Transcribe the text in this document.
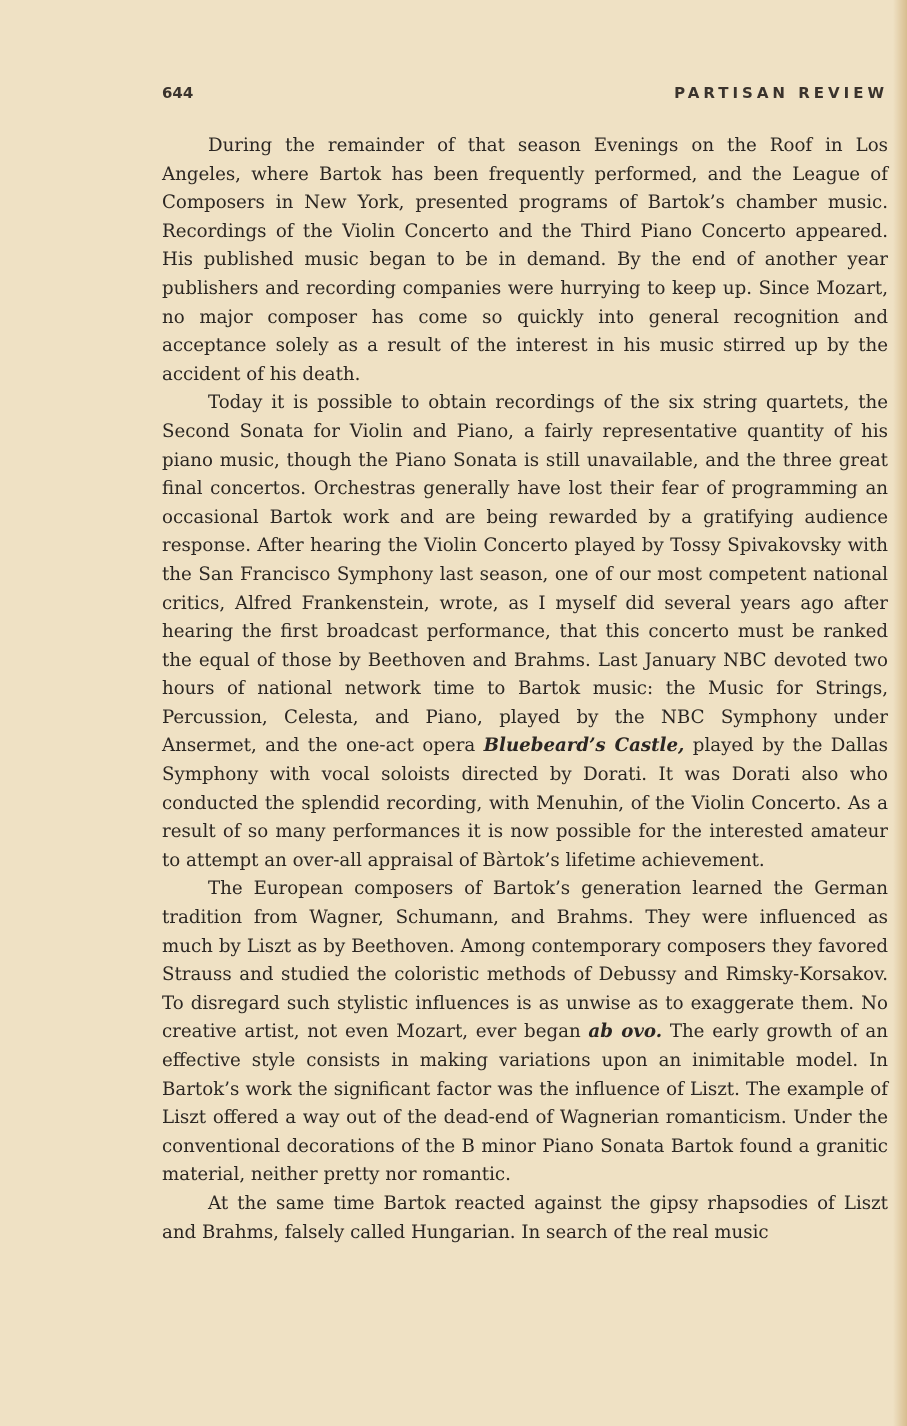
644	PARTISAN REVIEW

During the remainder of that season Evenings on the Roof in Los Angeles, where Bartok has been frequently performed, and the League of Composers in New York, presented programs of Bartok’s chamber music. Recordings of the Violin Concerto and the Third Piano Concerto appeared. His published music began to be in demand. By the end of another year publishers and recording companies were hurrying to keep up. Since Mozart, no major composer has come so quickly into general recognition and acceptance solely as a result of the interest in his music stirred up by the accident of his death.

Today it is possible to obtain recordings of the six string quartets, the Second Sonata for Violin and Piano, a fairly representative quantity of his piano music, though the Piano Sonata is still unavailable, and the three great final concertos. Orchestras generally have lost their fear of programming an occasional Bartok work and are being rewarded by a gratifying audience response. After hearing the Violin Concerto played by Tossy Spivakovsky with the San Francisco Symphony last season, one of our most competent national critics, Alfred Frankenstein, wrote, as I myself did several years ago after hearing the first broadcast performance, that this concerto must be ranked the equal of those by Beethoven and Brahms. Last January NBC devoted two hours of national network time to Bartok music: the Music for Strings, Percussion, Celesta, and Piano, played by the NBC Symphony under Ansermet, and the one-act opera Bluebeard’s Castle, played by the Dallas Symphony with vocal soloists directed by Dorati. It was Dorati also who conducted the splendid recording, with Menuhin, of the Violin Concerto. As a result of so many performances it is now possible for the interested amateur to attempt an over-all appraisal of Bàrtok’s lifetime achievement.

The European composers of Bartok’s generation learned the German tradition from Wagner, Schumann, and Brahms. They were influenced as much by Liszt as by Beethoven. Among contemporary composers they favored Strauss and studied the coloristic methods of Debussy and Rimsky-Korsakov. To disregard such stylistic influences is as unwise as to exaggerate them. No creative artist, not even Mozart, ever began ab ovo. The early growth of an effective style consists in making variations upon an inimitable model. In Bartok’s work the significant factor was the influence of Liszt. The example of Liszt offered a way out of the dead-end of Wagnerian romanticism. Under the conventional decorations of the B minor Piano Sonata Bartok found a granitic material, neither pretty nor romantic.

At the same time Bartok reacted against the gipsy rhapsodies of Liszt and Brahms, falsely called Hungarian. In search of the real music
